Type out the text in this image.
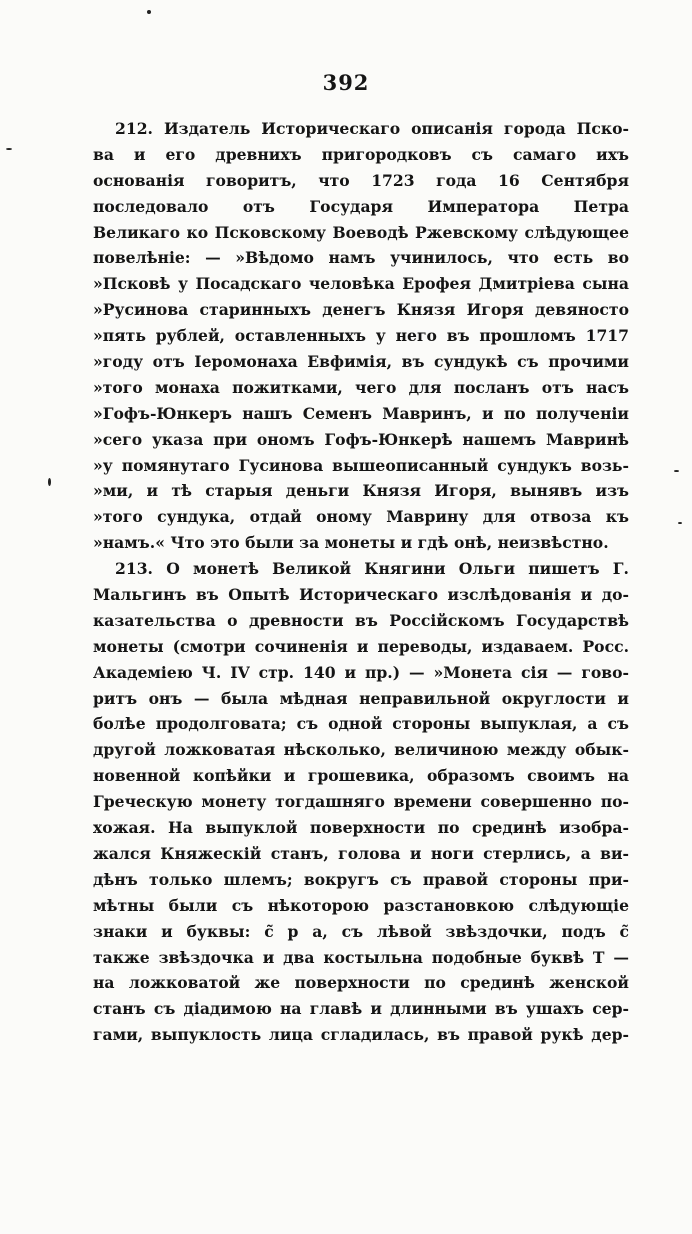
392
212. Издатель Историческаго описанія города Пско-
ва и его древнихъ пригородковъ съ самаго ихъ
основанія говоритъ, что 1723 года 16 Сентября
последовало отъ Государя Императора Петра
Великаго ко Псковскому Воеводѣ Ржевскому слѣдующее
повелѣніе: — »Вѣдомо намъ учинилось, что есть во
»Псковѣ у Посадскаго человѣка Ерофея Дмитріева сына
»Русинова старинныхъ денегъ Князя Игоря девяносто
»пять рублей, оставленныхъ у него въ прошломъ 1717
»году отъ Іеромонаха Евфимія, въ сундукѣ съ прочими
»того монаха пожитками, чего для посланъ отъ насъ
»Гофъ-Юнкеръ нашъ Семенъ Мавринъ, и по полученіи
»сего указа при ономъ Гофъ-Юнкерѣ нашемъ Мавринѣ
»у помянутаго Гусинова вышеописанный сундукъ возь-
»ми, и тѣ старыя деньги Князя Игоря, вынявъ изъ
»того сундука, отдай оному Маврину для отвоза къ
»намъ.« Что это были за монеты и гдѣ онѣ, неизвѣстно.
213. О монетѣ Великой Княгини Ольги пишетъ Г.
Мальгинъ въ Опытѣ Историческаго изслѣдованія и до-
казательства о древности въ Россійскомъ Государствѣ
монеты (смотри сочиненія и переводы, издаваем. Росс.
Академіею Ч. IV стр. 140 и пр.) — »Монета сія — гово-
ритъ онъ — была мѣдная неправильной округлости и
болѣе продолговата; съ одной стороны выпуклая, а съ
другой ложковатая нѣсколько, величиною между обык-
новенной копѣйки и грошевика, образомъ своимъ на
Греческую монету тогдашняго времени совершенно по-
хожая. На выпуклой поверхности по срединѣ изобра-
жался Княжескій станъ, голова и ноги стерлись, а ви-
дѣнъ только шлемъ; вокругъ съ правой стороны при-
мѣтны были съ нѣкоторою разстановкою слѣдующіе
знаки и буквы: с̃ р а, съ лѣвой звѣздочки, подъ с̃
также звѣздочка и два костыльна подобные буквѣ Т —
на ложковатой же поверхности по срединѣ женской
станъ съ діадимою на главѣ и длинными въ ушахъ сер-
гами, выпуклость лица сгладилась, въ правой рукѣ дер-
